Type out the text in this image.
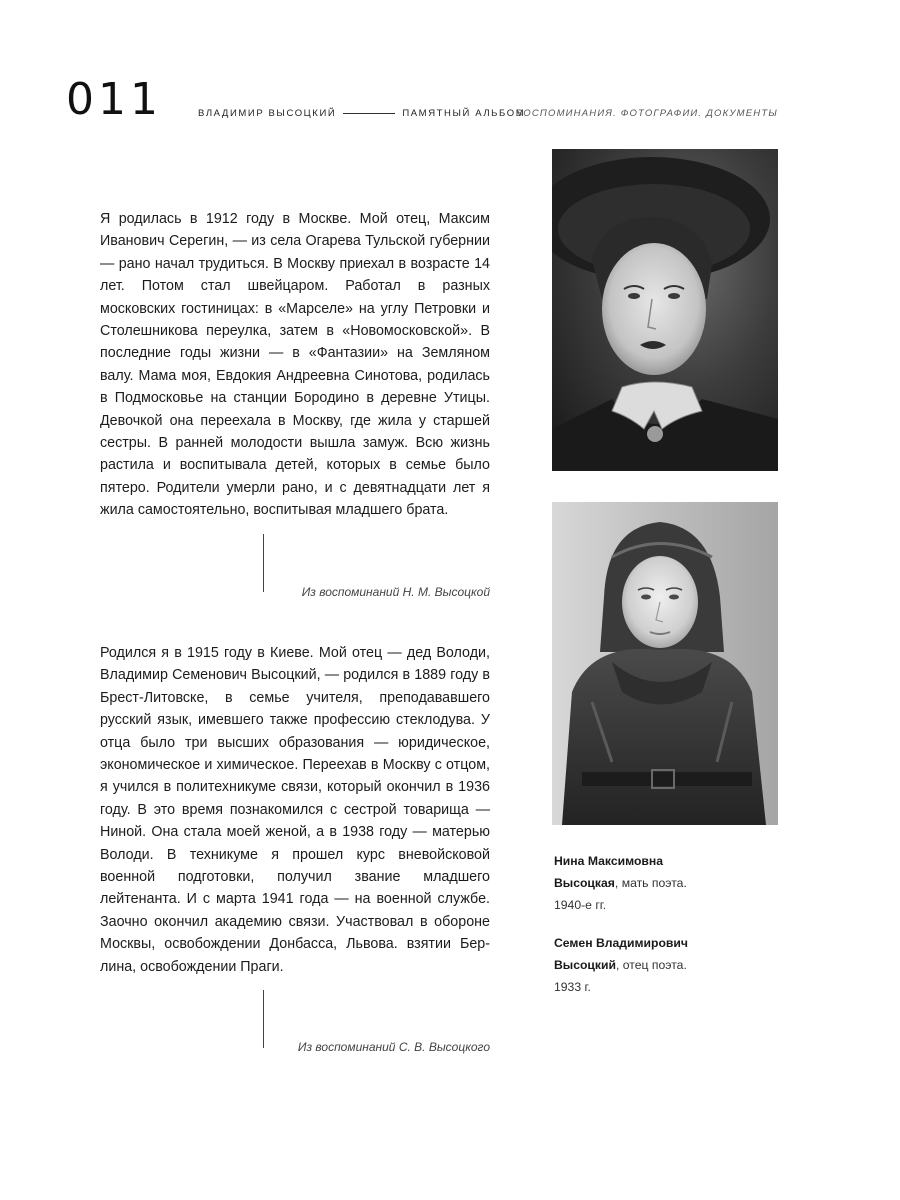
011	ВЛАДИМИР ВЫСОЦКИЙ	ПАМЯТНЫЙ АЛЬБОМ
ВОСПОМИНАНИЯ. ФОТОГРАФИИ. ДОКУМЕНТЫ

Я родилась в 1912 году в Москве. Мой отец, Максим Иванович Серегин, — из села Огарева Тульской губернии — рано начал трудиться. В Москву приехал в возрасте 14 лет. Потом стал швейцаром. Работал в разных московских гостиницах: в «Марселе» на углу Петровки и Столешникова переулка, затем в «Новомосковской». В последние годы жизни — в «Фантазии» на Земляном валу. Мама моя, Евдокия Андреевна Синотова, родилась в Подмосковье на станции Бородино в деревне Утицы. Девочкой она переехала в Москву, где жила у старшей сестры. В ранней молодости вышла замуж. Всю жизнь растила и воспитывала детей, которых в семье было пятеро. Родители умерли рано, и с девятнадцати лет я жила самостоятельно, воспитывая младшего брата.

Из воспоминаний Н. М. Высоцкой

Родился я в 1915 году в Киеве. Мой отец — дед Володи, Владимир Семенович Высоцкий, — родился в 1889 году в Брест-Литовске, в семье учителя, преподававшего русский язык, имевшего также профессию стеклодува. У отца было три высших образования — юридическое, экономическое и химическое. Переехав в Москву с отцом, я учился в политехникуме связи, который окончил в 1936 году. В это время познакомился с сестрой товарища — Ниной. Она стала моей женой, а в 1938 году — матерью Володи. В техникуме я прошел курс вневойсковой военной подготовки, получил звание младшего лейтенанта. И с марта 1941 года — на военной службе. Заочно окончил академию связи. Участвовал в обороне Москвы, освобождении Донбасса, Львова. взятии Берлина, освобождении Праги.

Из воспоминаний С. В. Высоцкого
Нина Максимовна
Высоцкая, мать поэта.
1940-е гг.
Семен Владимирович
Высоцкий, отец поэта.
1933 г.
